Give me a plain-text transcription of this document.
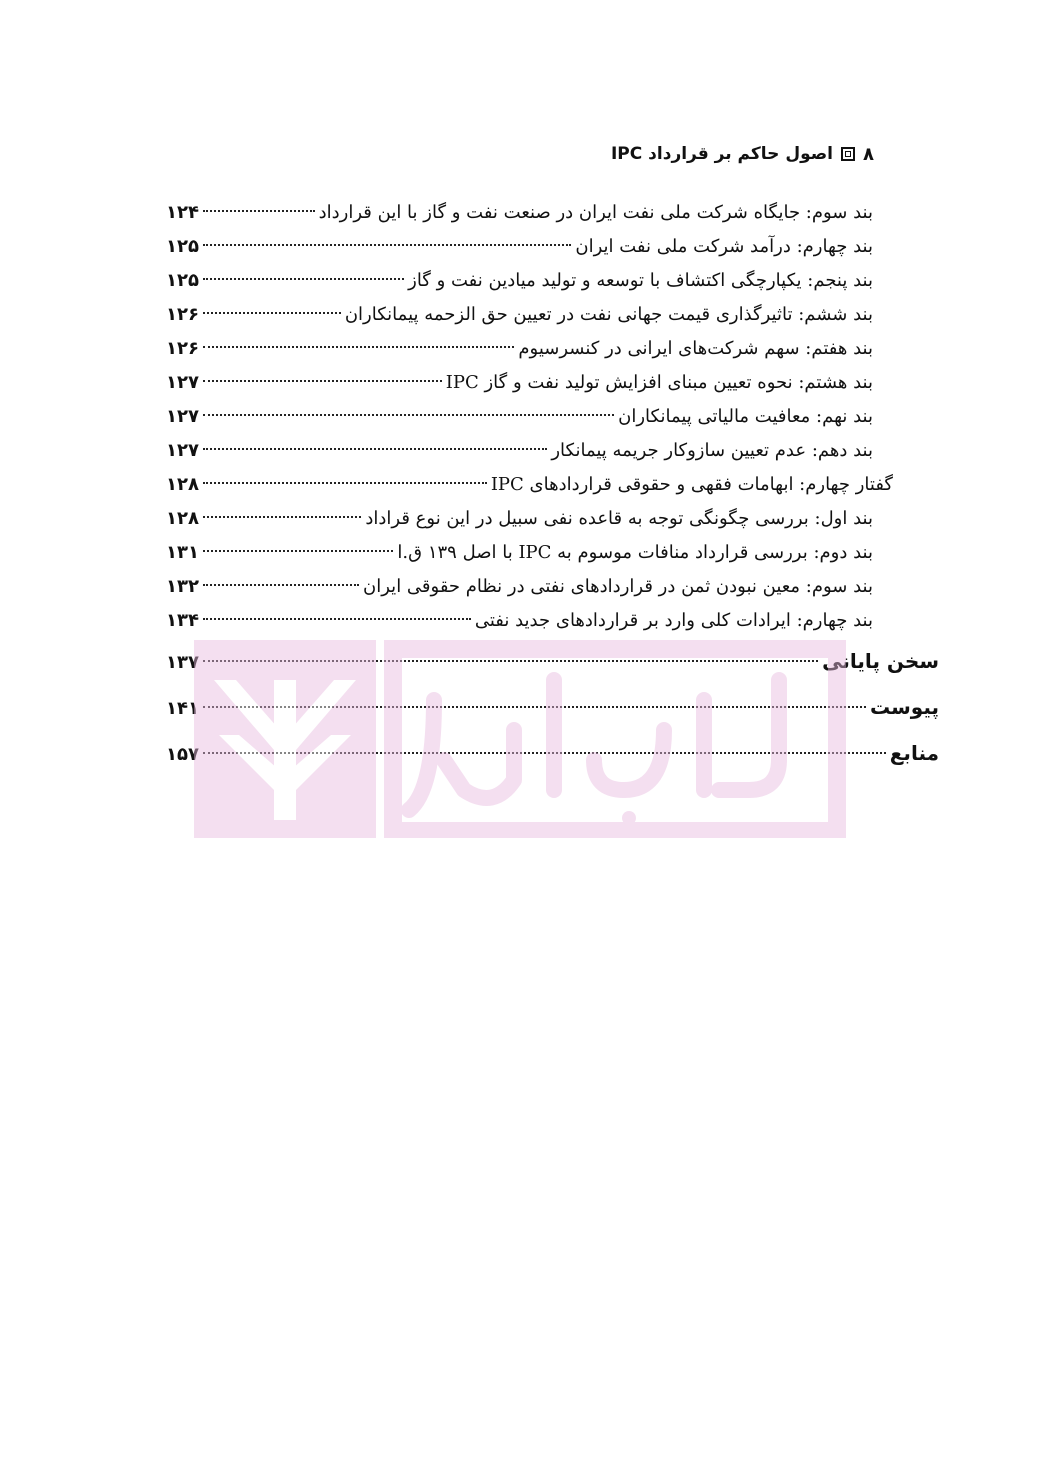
۸
اصول حاکم بر قرارداد IPC
بند سوم: جایگاه شرکت ملی نفت ایران در صنعت نفت و گاز با این قرارداد
۱۲۴
بند چهارم: درآمد شرکت ملی نفت ایران
۱۲۵
بند پنجم: یکپارچگی اکتشاف با توسعه و تولید میادین نفت و گاز
۱۲۵
بند ششم: تاثیرگذاری قیمت جهانی نفت در تعیین حق الزحمه پیمانکاران
۱۲۶
بند هفتم: سهم شرکت‌های ایرانی در کنسرسیوم
۱۲۶
بند هشتم: نحوه تعیین مبنای افزایش تولید نفت و گاز IPC
۱۲۷
بند نهم: معافیت مالیاتی پیمانکاران
۱۲۷
بند دهم: عدم تعیین سازوکار جریمه پیمانکار
۱۲۷
گفتار چهارم: ابهامات فقهی و حقوقی قراردادهای IPC
۱۲۸
بند اول: بررسی چگونگی توجه به قاعده نفی سبیل در این نوع قراداد
۱۲۸
بند دوم: بررسی قرارداد منافات موسوم به IPC با اصل ۱۳۹ ق.ا
۱۳۱
بند سوم: معین نبودن ثمن در قراردادهای نفتی در نظام حقوقی ایران
۱۳۲
بند چهارم: ایرادات کلی وارد بر قراردادهای جدید نفتی
۱۳۴
سخن پایانی
۱۳۷
پیوست
۱۴۱
منابع
۱۵۷
